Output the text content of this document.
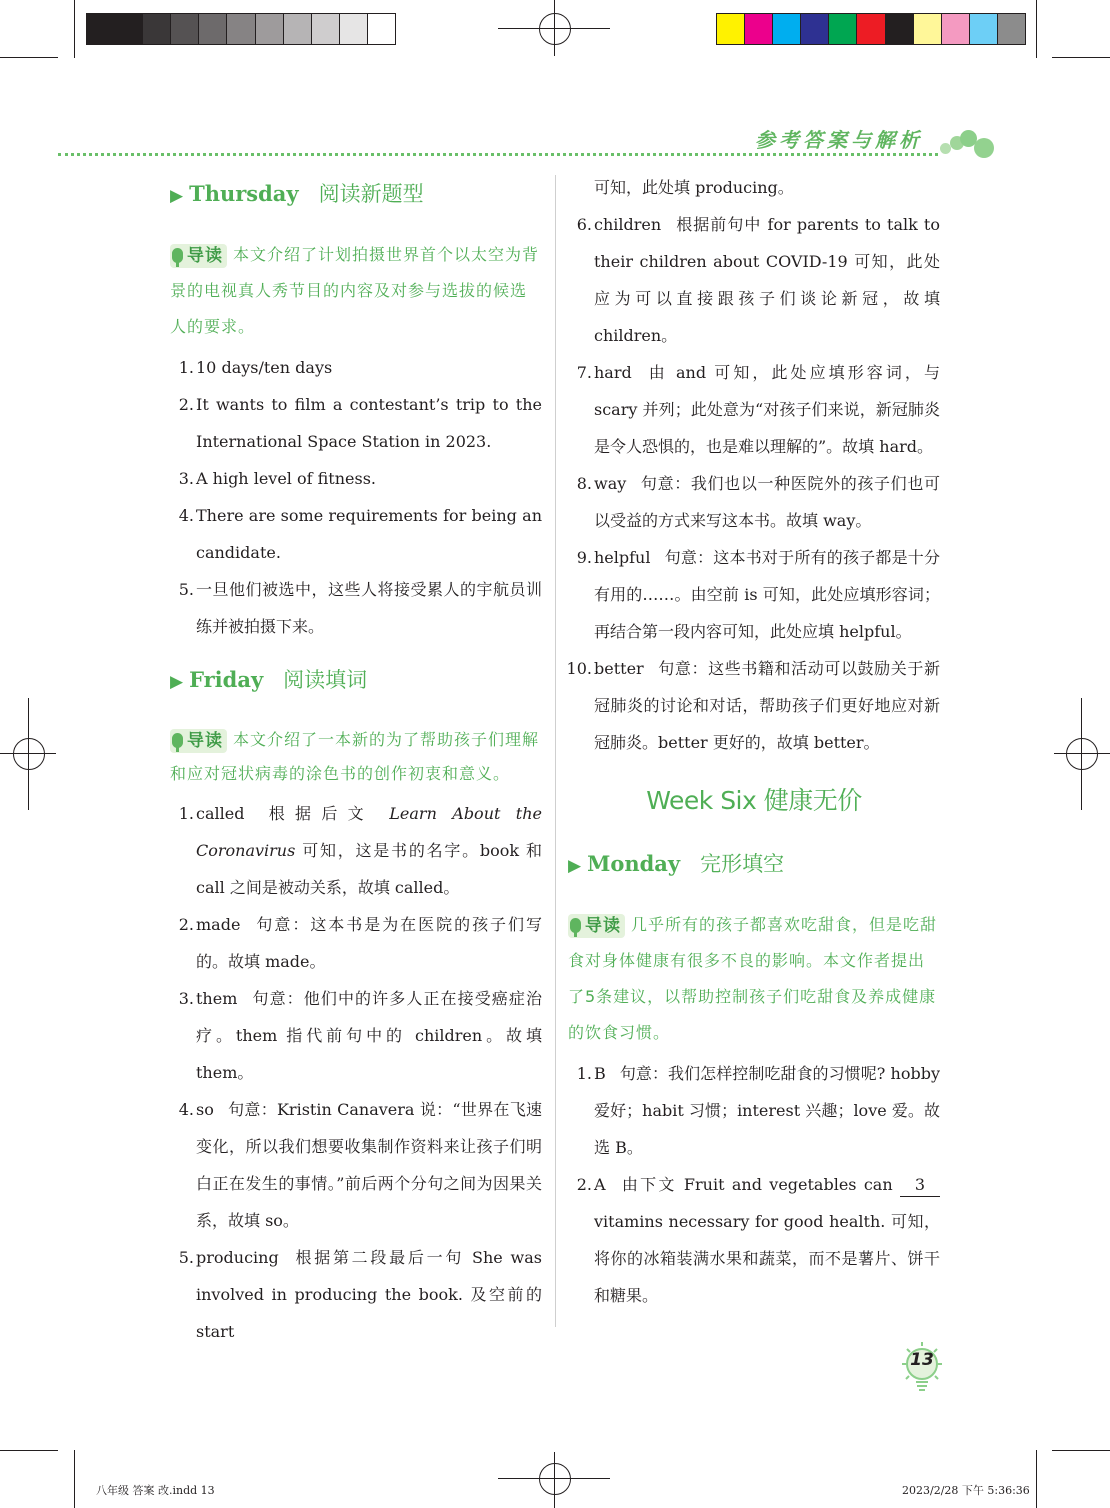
参考答案与解析
▶ Thursday 阅读新题型

导读 本文介绍了计划拍摄世界首个以太空为背景的电视真人秀节目的内容及对参与选拔的候选人的要求。

1. 10 days/ten days
2. It wants to film a contestant’s trip to the International Space Station in 2023.
3. A high level of fitness.
4. There are some requirements for being an candidate.
5. 一旦他们被选中，这些人将接受累人的宇航员训练并被拍摄下来。
▶ Friday 阅读填词

导读 本文介绍了一本新的为了帮助孩子们理解和应对冠状病毒的涂色书的创作初衷和意义。

1. called 根据后文 Learn About the Coronavirus 可知，这是书的名字。book 和 call 之间是被动关系，故填 called。
2. made 句意：这本书是为在医院的孩子们写的。故填 made。
3. them 句意：他们中的许多人正在接受癌症治疗。them 指代前句中的 children。故填 them。
4. so 句意：Kristin Canavera 说：“世界在飞速变化，所以我们想要收集制作资料来让孩子们明白正在发生的事情。”前后两个分句之间为因果关系，故填 so。
5. producing 根据第二段最后一句 She was involved in producing the book. 及空前的 start
可知，此处填 producing。
6. children 根据前句中 for parents to talk to their children about COVID-19 可知，此处应为可以直接跟孩子们谈论新冠，故填 children。
7. hard 由 and 可知，此处应填形容词，与 scary 并列；此处意为“对孩子们来说，新冠肺炎是令人恐惧的，也是难以理解的”。故填 hard。
8. way 句意：我们也以一种医院外的孩子们也可以受益的方式来写这本书。故填 way。
9. helpful 句意：这本书对于所有的孩子都是十分有用的……。由空前 is 可知，此处应填形容词；再结合第一段内容可知，此处应填 helpful。
10. better 句意：这些书籍和活动可以鼓励关于新冠肺炎的讨论和对话，帮助孩子们更好地应对新冠肺炎。better 更好的，故填 better。
Week Six 健康无价
▶ Monday 完形填空

导读 几乎所有的孩子都喜欢吃甜食，但是吃甜食对身体健康有很多不良的影响。本文作者提出了5条建议，以帮助控制孩子们吃甜食及养成健康的饮食习惯。

1. B 句意：我们怎样控制吃甜食的习惯呢? hobby 爱好；habit 习惯；interest 兴趣；love 爱。故选 B。
2. A 由下文 Fruit and vegetables can 3 vitamins necessary for good health. 可知，将你的冰箱装满水果和蔬菜，而不是薯片、饼干和糖果。
13
八年级 答案 改.indd 13	2023/2/28 下午 5:36:36
